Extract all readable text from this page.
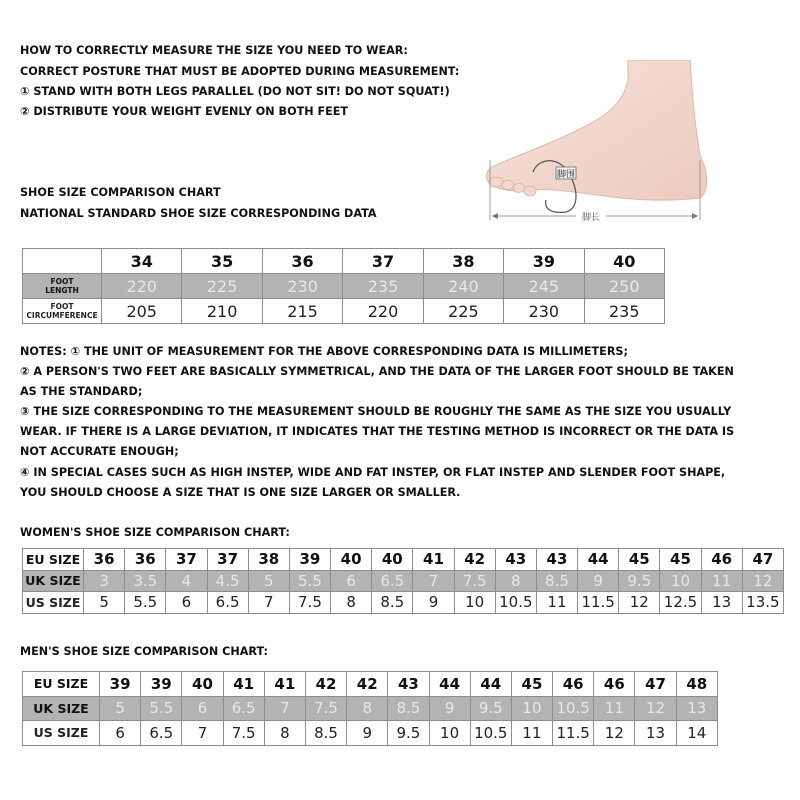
HOW TO CORRECTLY MEASURE THE SIZE YOU NEED TO WEAR:
CORRECT POSTURE THAT MUST BE ADOPTED DURING MEASUREMENT:
① STAND WITH BOTH LEGS PARALLEL (DO NOT SIT! DO NOT SQUAT!)
② DISTRIBUTE YOUR WEIGHT EVENLY ON BOTH FEET
脚围
脚长
SHOE SIZE COMPARISON CHART
NATIONAL STANDARD SHOE SIZE CORRESPONDING DATA
	34	35	36	37	38	39	40
FOOT
LENGTH	220	225	230	235	240	245	250
FOOT
CIRCUMFERENCE	205	210	215	220	225	230	235
NOTES: ① THE UNIT OF MEASUREMENT FOR THE ABOVE CORRESPONDING DATA IS MILLIMETERS;
② A PERSON'S TWO FEET ARE BASICALLY SYMMETRICAL, AND THE DATA OF THE LARGER FOOT SHOULD BE TAKEN
AS THE STANDARD;
③ THE SIZE CORRESPONDING TO THE MEASUREMENT SHOULD BE ROUGHLY THE SAME AS THE SIZE YOU USUALLY
WEAR. IF THERE IS A LARGE DEVIATION, IT INDICATES THAT THE TESTING METHOD IS INCORRECT OR THE DATA IS
NOT ACCURATE ENOUGH;
④ IN SPECIAL CASES SUCH AS HIGH INSTEP, WIDE AND FAT INSTEP, OR FLAT INSTEP AND SLENDER FOOT SHAPE,
YOU SHOULD CHOOSE A SIZE THAT IS ONE SIZE LARGER OR SMALLER.
WOMEN'S SHOE SIZE COMPARISON CHART:
EU SIZE	36	36	37	37	38	39	40	40	41	42	43	43	44	45	45	46	47
UK SIZE	3	3.5	4	4.5	5	5.5	6	6.5	7	7.5	8	8.5	9	9.5	10	11	12
US SIZE	5	5.5	6	6.5	7	7.5	8	8.5	9	10	10.5	11	11.5	12	12.5	13	13.5
MEN'S SHOE SIZE COMPARISON CHART:
EU SIZE	39	39	40	41	41	42	42	43	44	44	45	46	46	47	48
UK SIZE	5	5.5	6	6.5	7	7.5	8	8.5	9	9.5	10	10.5	11	12	13
US SIZE	6	6.5	7	7.5	8	8.5	9	9.5	10	10.5	11	11.5	12	13	14
